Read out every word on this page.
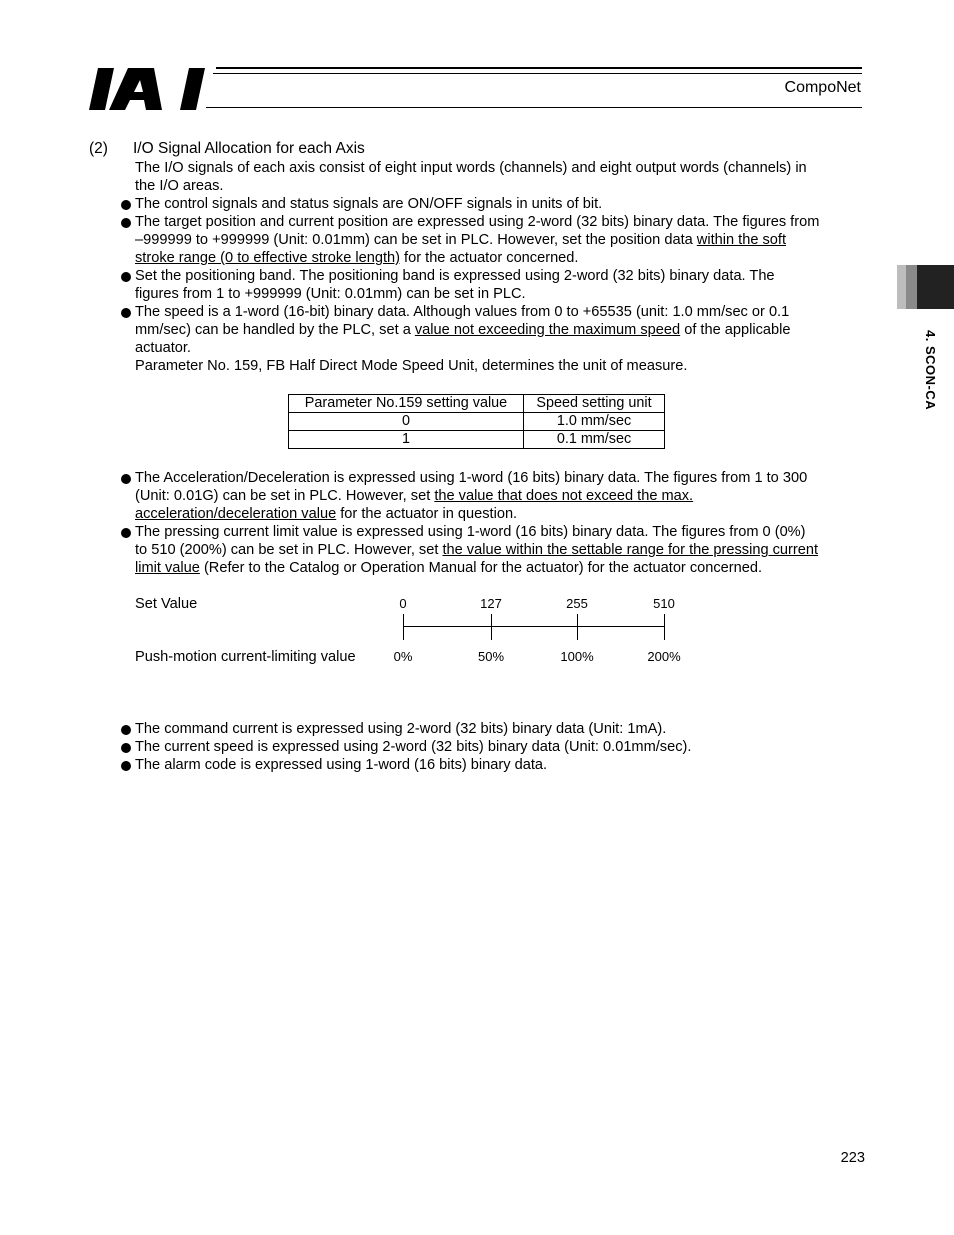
CompoNet
4. SCON-CA
(2) I/O Signal Allocation for each Axis
The I/O signals of each axis consist of eight input words (channels) and eight output words (channels) in
the I/O areas.
The control signals and status signals are ON/OFF signals in units of bit.
The target position and current position are expressed using 2-word (32 bits) binary data. The figures from
–999999 to +999999 (Unit: 0.01mm) can be set in PLC. However, set the position data within the soft
stroke range (0 to effective stroke length) for the actuator concerned.
Set the positioning band. The positioning band is expressed using 2-word (32 bits) binary data. The
figures from 1 to +999999 (Unit: 0.01mm) can be set in PLC.
The speed is a 1-word (16-bit) binary data. Although values from 0 to +65535 (unit: 1.0 mm/sec or 0.1
mm/sec) can be handled by the PLC, set a value not exceeding the maximum speed of the applicable
actuator.
Parameter No. 159, FB Half Direct Mode Speed Unit, determines the unit of measure.
Parameter No.159 setting value	Speed setting unit
0	1.0 mm/sec
1	0.1 mm/sec
The Acceleration/Deceleration is expressed using 1-word (16 bits) binary data. The figures from 1 to 300
(Unit: 0.01G) can be set in PLC. However, set the value that does not exceed the max.
acceleration/deceleration value for the actuator in question.
The pressing current limit value is expressed using 1-word (16 bits) binary data. The figures from 0 (0%)
to 510 (200%) can be set in PLC. However, set the value within the settable range for the pressing current
limit value (Refer to the Catalog or Operation Manual for the actuator) for the actuator concerned.
Set Value
Push-motion current-limiting value
0	127	255	510
0%	50%	100%	200%
The command current is expressed using 2-word (32 bits) binary data (Unit: 1mA).
The current speed is expressed using 2-word (32 bits) binary data (Unit: 0.01mm/sec).
The alarm code is expressed using 1-word (16 bits) binary data.
223
